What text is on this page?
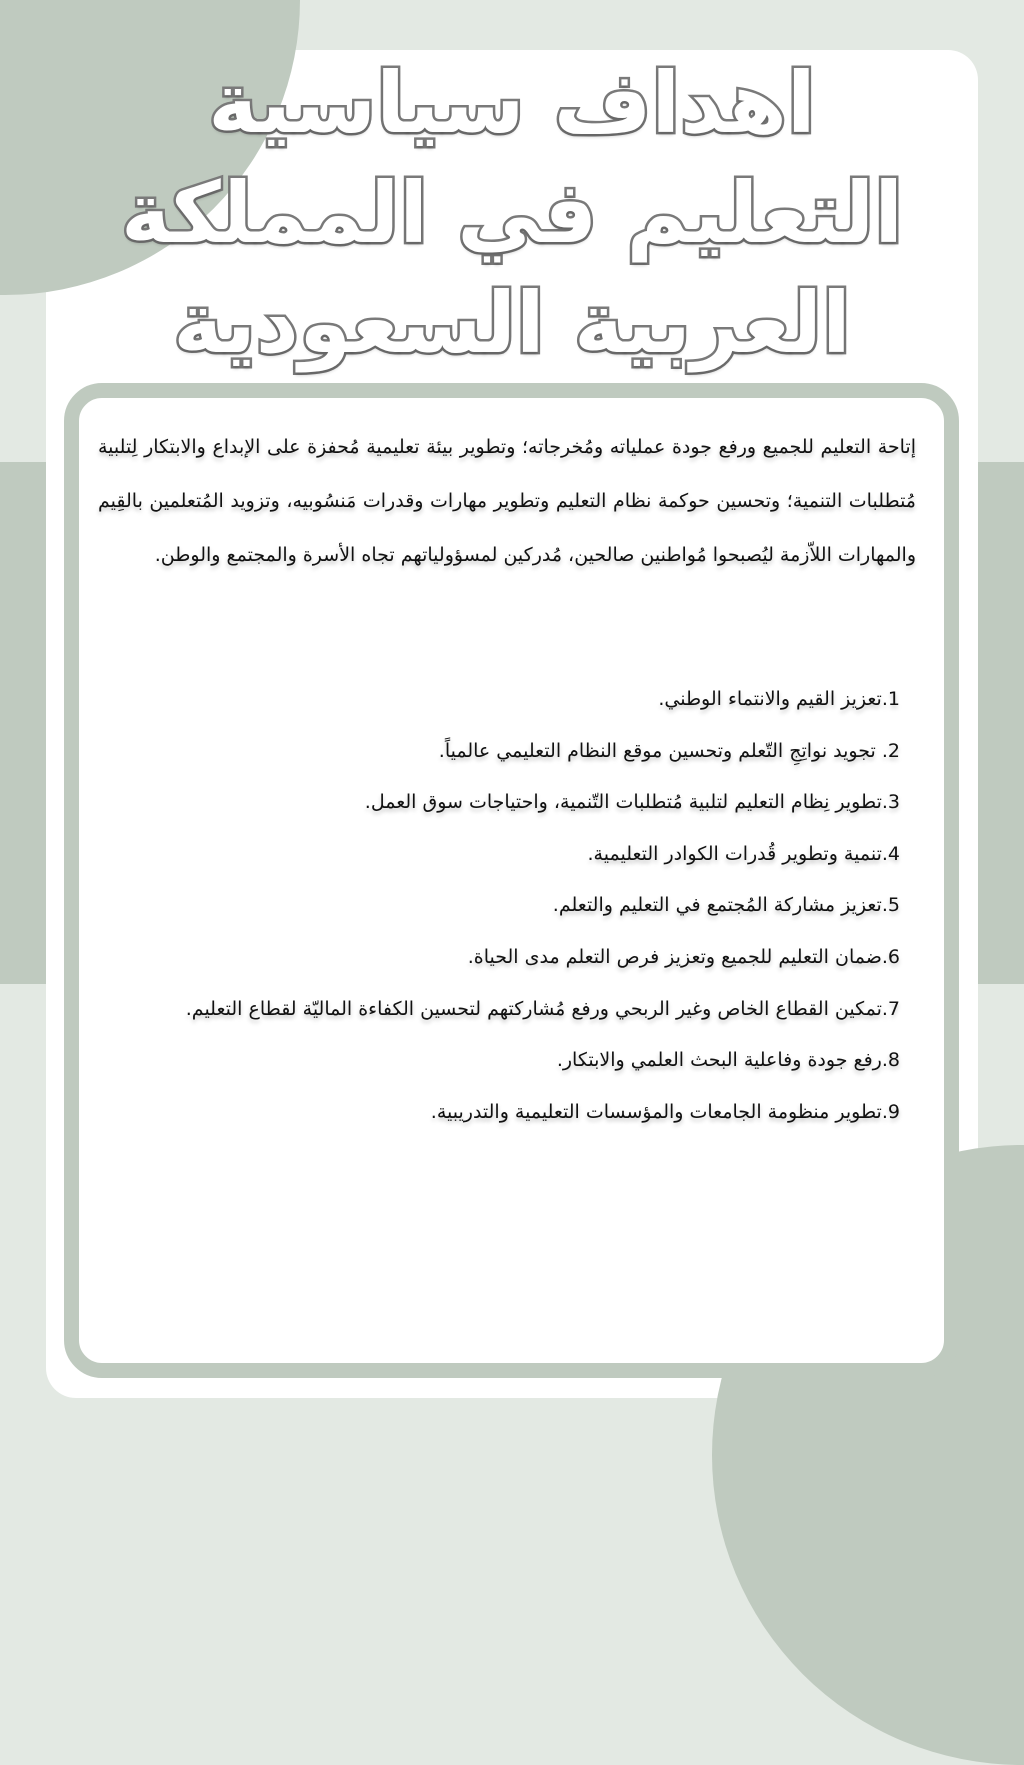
اهداف سياسية
التعليم في المملكة
العربية السعودية

إتاحة التعليم للجميع ورفع جودة عملياته ومُخرجاته؛ وتطوير بيئة تعليمية مُحفزة على الإبداع والابتكار لِتلبية مُتطلبات التنمية؛ وتحسين حوكمة نظام التعليم وتطوير مهارات وقدرات مَنسُوبيه، وتزويد المُتعلمين بالقِيم والمهارات اللاّزمة ليُصبحوا مُواطنين صالحين، مُدركين لمسؤولياتهم تجاه الأسرة والمجتمع والوطن.

1.تعزيز القيم والانتماء الوطني.
2. تجويد نواتِجِ التّعلم وتحسين موقع النظام التعليمي عالمياً.
3.تطوير نِظام التعليم لتلبية مُتطلبات التّنمية، واحتياجات سوق العمل.
4.تنمية وتطوير قُدرات الكوادر التعليمية.
5.تعزيز مشاركة المُجتمع في التعليم والتعلم.
6.ضمان التعليم للجميع وتعزيز فرص التعلم مدى الحياة.
7.تمكين القطاع الخاص وغير الربحي ورفع مُشاركتهم لتحسين الكفاءة الماليّة لقطاع التعليم.
8.رفع جودة وفاعلية البحث العلمي والابتكار.
9.تطوير منظومة الجامعات والمؤسسات التعليمية والتدريبية.
